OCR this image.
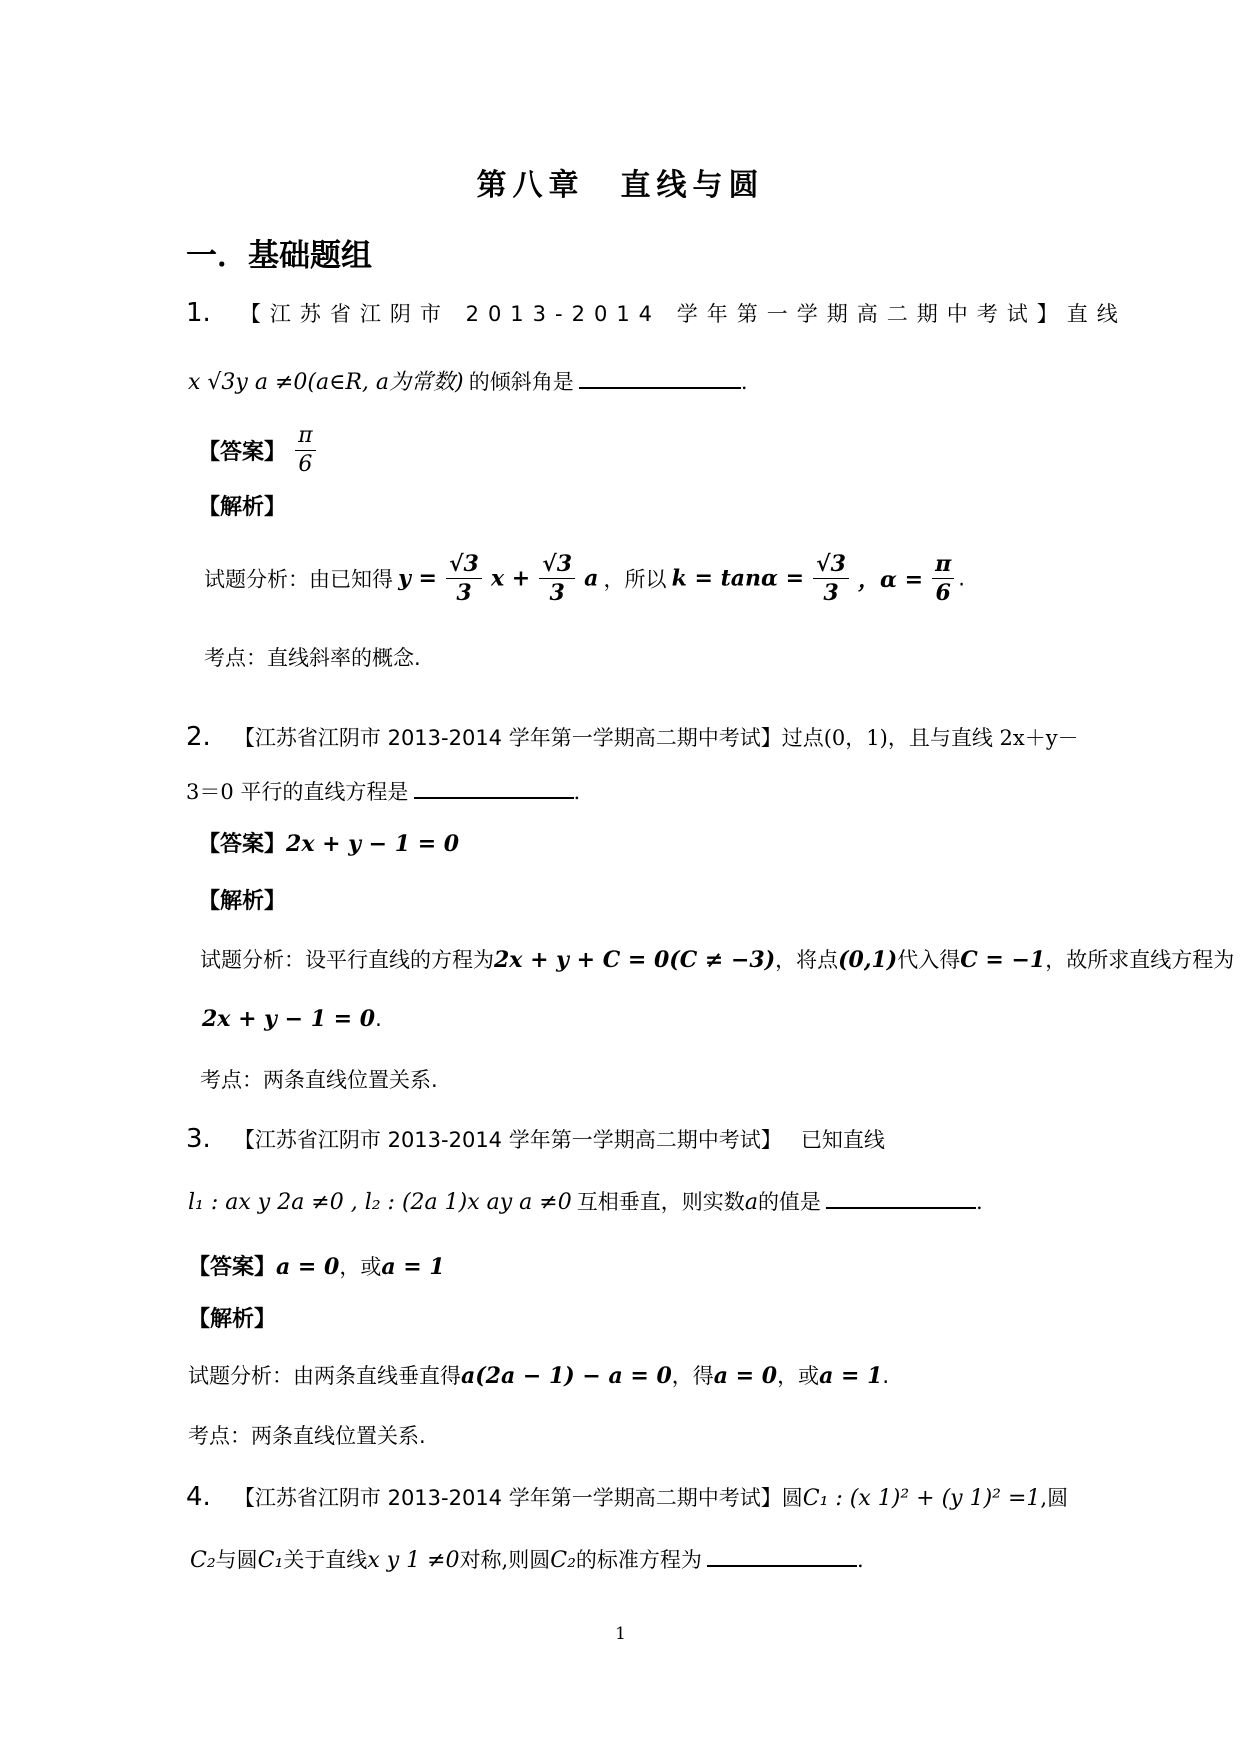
第八章　直线与圆
一．基础题组
1. 【江苏省江阴市 2013-2014 学年第一学期高二期中考试】直线
x √3y a ≠0(a∈R, a为常数) 的倾斜角是	.
【答案】 $\frac{\pi}{6}$
【解析】
试题分析：由已知得 $y = \frac{√3}{3}$ $x + \frac{√3}{3}$ a ，所以 $k = \tan\alpha = \frac{√3}{3}$ ，$\alpha = \frac{\pi}{6}$ .
考点：直线斜率的概念.
2. 【江苏省江阴市 2013-2014 学年第一学期高二期中考试】过点(0，1)，且与直线 2x＋y－
3＝0 平行的直线方程是	.
【答案】2x + y − 1 = 0
【解析】
试题分析：设平行直线的方程为2x + y + C = 0(C ≠ −3)，将点(0,1)代入得C = −1，故所求直线方程为
2x + y − 1 = 0.
考点：两条直线位置关系.
3. 【江苏省江阴市 2013-2014 学年第一学期高二期中考试】 已知直线
l₁ : ax y 2a ≠0 , l₂ : (2a 1)x ay a ≠0 互相垂直，则实数a的值是	.
【答案】a = 0，或a = 1
【解析】
试题分析：由两条直线垂直得a(2a − 1) − a = 0，得a = 0，或a = 1.
考点：两条直线位置关系.
4. 【江苏省江阴市 2013-2014 学年第一学期高二期中考试】圆C₁ : (x 1)² + (y 1)² =1,圆
C₂与圆C₁关于直线x y 1 ≠0对称,则圆C₂的标准方程为	.
1
